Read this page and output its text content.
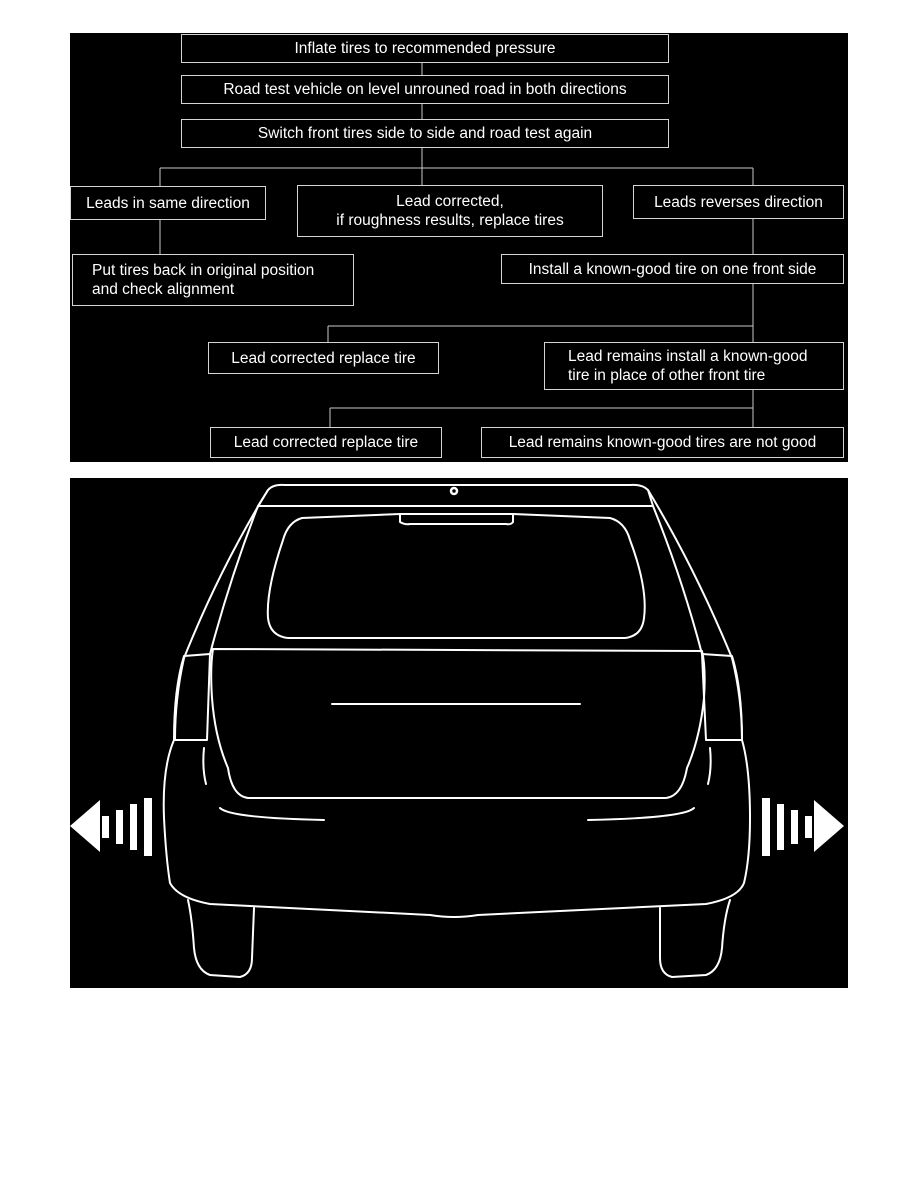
Inflate tires to recommended pressure
Road test vehicle on level unrouned road in both directions
Switch front tires side to side and road test again
Leads in same direction	Lead corrected,
if roughness results, replace tires
Leads reverses direction
Put tires back in original position
and check alignment
Install a known-good tire on one front side
Lead corrected replace tire	Lead remains install a known-good
tire in place of other front tire
Lead corrected replace tire	Lead remains known-good tires are not good
